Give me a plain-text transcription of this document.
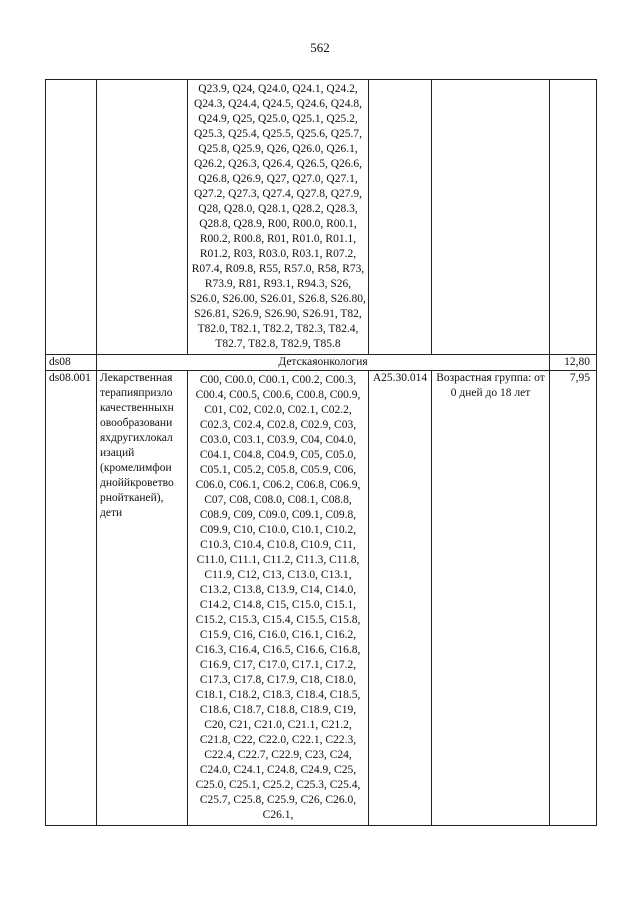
562
		Q23.9, Q24, Q24.0, Q24.1, Q24.2, Q24.3, Q24.4, Q24.5, Q24.6, Q24.8, Q24.9, Q25, Q25.0, Q25.1, Q25.2, Q25.3, Q25.4, Q25.5, Q25.6, Q25.7, Q25.8, Q25.9, Q26, Q26.0, Q26.1, Q26.2, Q26.3, Q26.4, Q26.5, Q26.6, Q26.8, Q26.9, Q27, Q27.0, Q27.1, Q27.2, Q27.3, Q27.4, Q27.8, Q27.9, Q28, Q28.0, Q28.1, Q28.2, Q28.3, Q28.8, Q28.9, R00, R00.0, R00.1, R00.2, R00.8, R01, R01.0, R01.1, R01.2, R03, R03.0, R03.1, R07.2, R07.4, R09.8, R55, R57.0, R58, R73, R73.9, R81, R93.1, R94.3, S26, S26.0, S26.00, S26.01, S26.8, S26.80, S26.81, S26.9, S26.90, S26.91, T82, T82.0, T82.1, T82.2, T82.3, T82.4, T82.7, T82.8, T82.9, T85.8			
ds08	Детскаяонкология				12,80
ds08.001	Лекарственная терапияпризло качественныхн овообразовани яхдругихлокал изаций (кромелимфои дноййкроветво рнойтканей), дети	C00, C00.0, C00.1, C00.2, C00.3, C00.4, C00.5, C00.6, C00.8, C00.9, C01, C02, C02.0, C02.1, C02.2, C02.3, C02.4, C02.8, C02.9, C03, C03.0, C03.1, C03.9, C04, C04.0, C04.1, C04.8, C04.9, C05, C05.0, C05.1, C05.2, C05.8, C05.9, C06, C06.0, C06.1, C06.2, C06.8, C06.9, C07, C08, C08.0, C08.1, C08.8, C08.9, C09, C09.0, C09.1, C09.8, C09.9, C10, C10.0, C10.1, C10.2, C10.3, C10.4, C10.8, C10.9, C11, C11.0, C11.1, C11.2, C11.3, C11.8, C11.9, C12, C13, C13.0, C13.1, C13.2, C13.8, C13.9, C14, C14.0, C14.2, C14.8, C15, C15.0, C15.1, C15.2, C15.3, C15.4, C15.5, C15.8, C15.9, C16, C16.0, C16.1, C16.2, C16.3, C16.4, C16.5, C16.6, C16.8, C16.9, C17, C17.0, C17.1, C17.2, C17.3, C17.8, C17.9, C18, C18.0, C18.1, C18.2, C18.3, C18.4, C18.5, C18.6, C18.7, C18.8, C18.9, C19, C20, C21, C21.0, C21.1, C21.2, C21.8, C22, C22.0, C22.1, C22.3, C22.4, C22.7, C22.9, C23, C24, C24.0, C24.1, C24.8, C24.9, C25, C25.0, C25.1, C25.2, C25.3, C25.4, C25.7, C25.8, C25.9, C26, C26.0, C26.1,	A25.30.014	Возрастная группа: от 0 дней до 18 лет	7,95
